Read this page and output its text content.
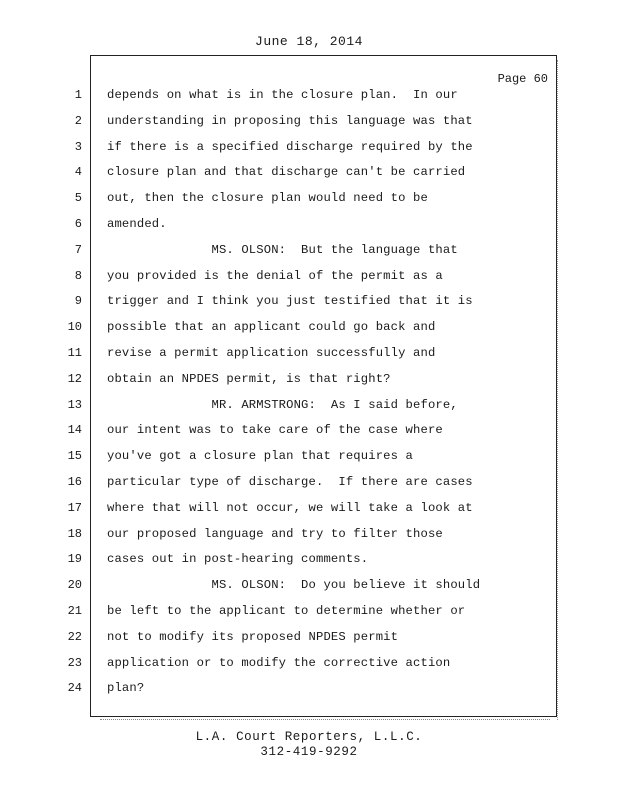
June 18, 2014
Page 60
1 depends on what is in the closure plan.  In our
2 understanding in proposing this language was that
3 if there is a specified discharge required by the
4 closure plan and that discharge can't be carried
5 out, then the closure plan would need to be
6 amended.
7 MS. OLSON:  But the language that
8 you provided is the denial of the permit as a
9 trigger and I think you just testified that it is
10 possible that an applicant could go back and
11 revise a permit application successfully and
12 obtain an NPDES permit, is that right?
13 MR. ARMSTRONG:  As I said before,
14 our intent was to take care of the case where
15 you've got a closure plan that requires a
16 particular type of discharge.  If there are cases
17 where that will not occur, we will take a look at
18 our proposed language and try to filter those
19 cases out in post-hearing comments.
20 MS. OLSON:  Do you believe it should
21 be left to the applicant to determine whether or
22 not to modify its proposed NPDES permit
23 application or to modify the corrective action
24 plan?
L.A. Court Reporters, L.L.C.
312-419-9292
